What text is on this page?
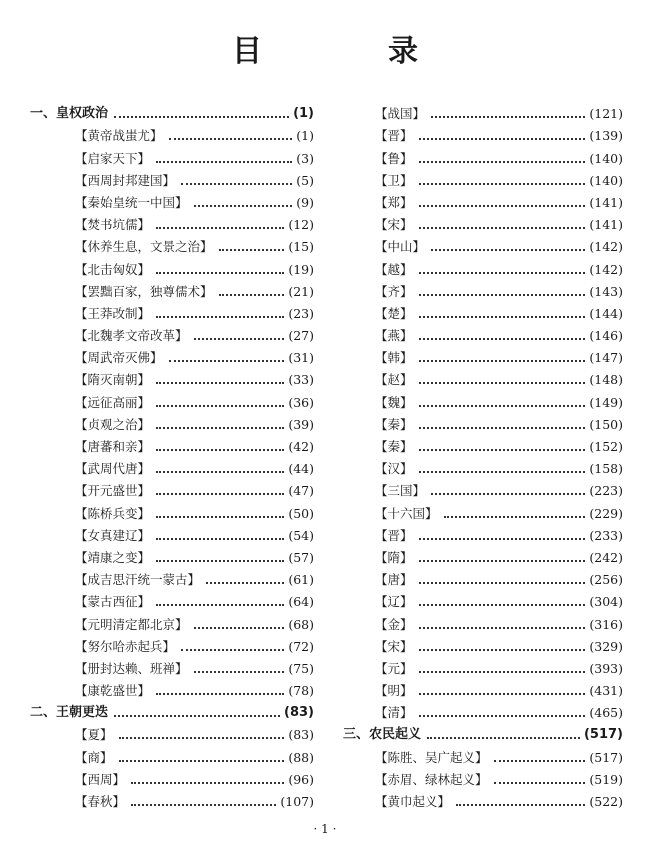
目　录
一、皇权政治	(1)
【黄帝战蚩尤】	(1)
【启家天下】	(3)
【西周封邦建国】	(5)
【秦始皇统一中国】	(9)
【焚书坑儒】	(12)
【休养生息，文景之治】	(15)
【北击匈奴】	(19)
【罢黜百家，独尊儒术】	(21)
【王莽改制】	(23)
【北魏孝文帝改革】	(27)
【周武帝灭佛】	(31)
【隋灭南朝】	(33)
【远征高丽】	(36)
【贞观之治】	(39)
【唐蕃和亲】	(42)
【武周代唐】	(44)
【开元盛世】	(47)
【陈桥兵变】	(50)
【女真建辽】	(54)
【靖康之变】	(57)
【成吉思汗统一蒙古】	(61)
【蒙古西征】	(64)
【元明清定都北京】	(68)
【努尔哈赤起兵】	(72)
【册封达赖、班禅】	(75)
【康乾盛世】	(78)
二、王朝更迭	(83)
【夏】	(83)
【商】	(88)
【西周】	(96)
【春秋】	(107)
【战国】	(121)
【晋】	(139)
【鲁】	(140)
【卫】	(140)
【郑】	(141)
【宋】	(141)
【中山】	(142)
【越】	(142)
【齐】	(143)
【楚】	(144)
【燕】	(146)
【韩】	(147)
【赵】	(148)
【魏】	(149)
【秦】	(150)
【秦】	(152)
【汉】	(158)
【三国】	(223)
【十六国】	(229)
【晋】	(233)
【隋】	(242)
【唐】	(256)
【辽】	(304)
【金】	(316)
【宋】	(329)
【元】	(393)
【明】	(431)
【清】	(465)
三、农民起义	(517)
【陈胜、吴广起义】	(517)
【赤眉、绿林起义】	(519)
【黄巾起义】	(522)
· 1 ·
